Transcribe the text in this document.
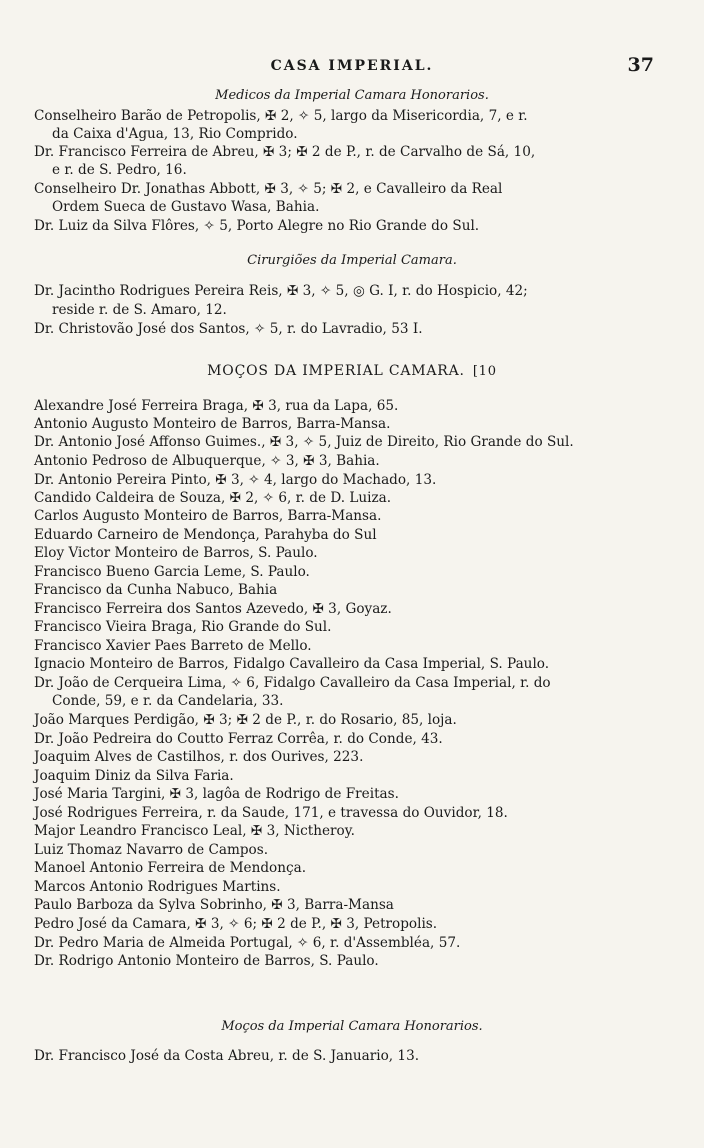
CASA IMPERIAL.	37
Medicos da Imperial Camara Honorarios.
Conselheiro Barão de Petropolis, ✠ 2, ✧ 5, largo da Misericordia, 7, e r.
da Caixa d'Agua, 13, Rio Comprido.
Dr. Francisco Ferreira de Abreu, ✠ 3; ✠ 2 de P., r. de Carvalho de Sá, 10,
e r. de S. Pedro, 16.
Conselheiro Dr. Jonathas Abbott, ✠ 3, ✧ 5; ✠ 2, e Cavalleiro da Real
Ordem Sueca de Gustavo Wasa, Bahia.
Dr. Luiz da Silva Flôres, ✧ 5, Porto Alegre no Rio Grande do Sul.
Cirurgiões da Imperial Camara.
Dr. Jacintho Rodrigues Pereira Reis, ✠ 3, ✧ 5, ◎ G. I, r. do Hospicio, 42;
reside r. de S. Amaro, 12.
Dr. Christovão José dos Santos, ✧ 5, r. do Lavradio, 53 I.
MOÇOS DA IMPERIAL CAMARA. [10
Alexandre José Ferreira Braga, ✠ 3, rua da Lapa, 65.
Antonio Augusto Monteiro de Barros, Barra-Mansa.
Dr. Antonio José Affonso Guimes., ✠ 3, ✧ 5, Juiz de Direito, Rio Grande do Sul.
Antonio Pedroso de Albuquerque, ✧ 3, ✠ 3, Bahia.
Dr. Antonio Pereira Pinto, ✠ 3, ✧ 4, largo do Machado, 13.
Candido Caldeira de Souza, ✠ 2, ✧ 6, r. de D. Luiza.
Carlos Augusto Monteiro de Barros, Barra-Mansa.
Eduardo Carneiro de Mendonça, Parahyba do Sul
Eloy Victor Monteiro de Barros, S. Paulo.
Francisco Bueno Garcia Leme, S. Paulo.
Francisco da Cunha Nabuco, Bahia
Francisco Ferreira dos Santos Azevedo, ✠ 3, Goyaz.
Francisco Vieira Braga, Rio Grande do Sul.
Francisco Xavier Paes Barreto de Mello.
Ignacio Monteiro de Barros, Fidalgo Cavalleiro da Casa Imperial, S. Paulo.
Dr. João de Cerqueira Lima, ✧ 6, Fidalgo Cavalleiro da Casa Imperial, r. do
Conde, 59, e r. da Candelaria, 33.
João Marques Perdigão, ✠ 3; ✠ 2 de P., r. do Rosario, 85, loja.
Dr. João Pedreira do Coutto Ferraz Corrêa, r. do Conde, 43.
Joaquim Alves de Castilhos, r. dos Ourives, 223.
Joaquim Diniz da Silva Faria.
José Maria Targini, ✠ 3, lagôa de Rodrigo de Freitas.
José Rodrigues Ferreira, r. da Saude, 171, e travessa do Ouvidor, 18.
Major Leandro Francisco Leal, ✠ 3, Nictheroy.
Luiz Thomaz Navarro de Campos.
Manoel Antonio Ferreira de Mendonça.
Marcos Antonio Rodrigues Martins.
Paulo Barboza da Sylva Sobrinho, ✠ 3, Barra-Mansa
Pedro José da Camara, ✠ 3, ✧ 6; ✠ 2 de P., ✠ 3, Petropolis.
Dr. Pedro Maria de Almeida Portugal, ✧ 6, r. d'Assembléa, 57.
Dr. Rodrigo Antonio Monteiro de Barros, S. Paulo.
Moços da Imperial Camara Honorarios.
Dr. Francisco José da Costa Abreu, r. de S. Januario, 13.
